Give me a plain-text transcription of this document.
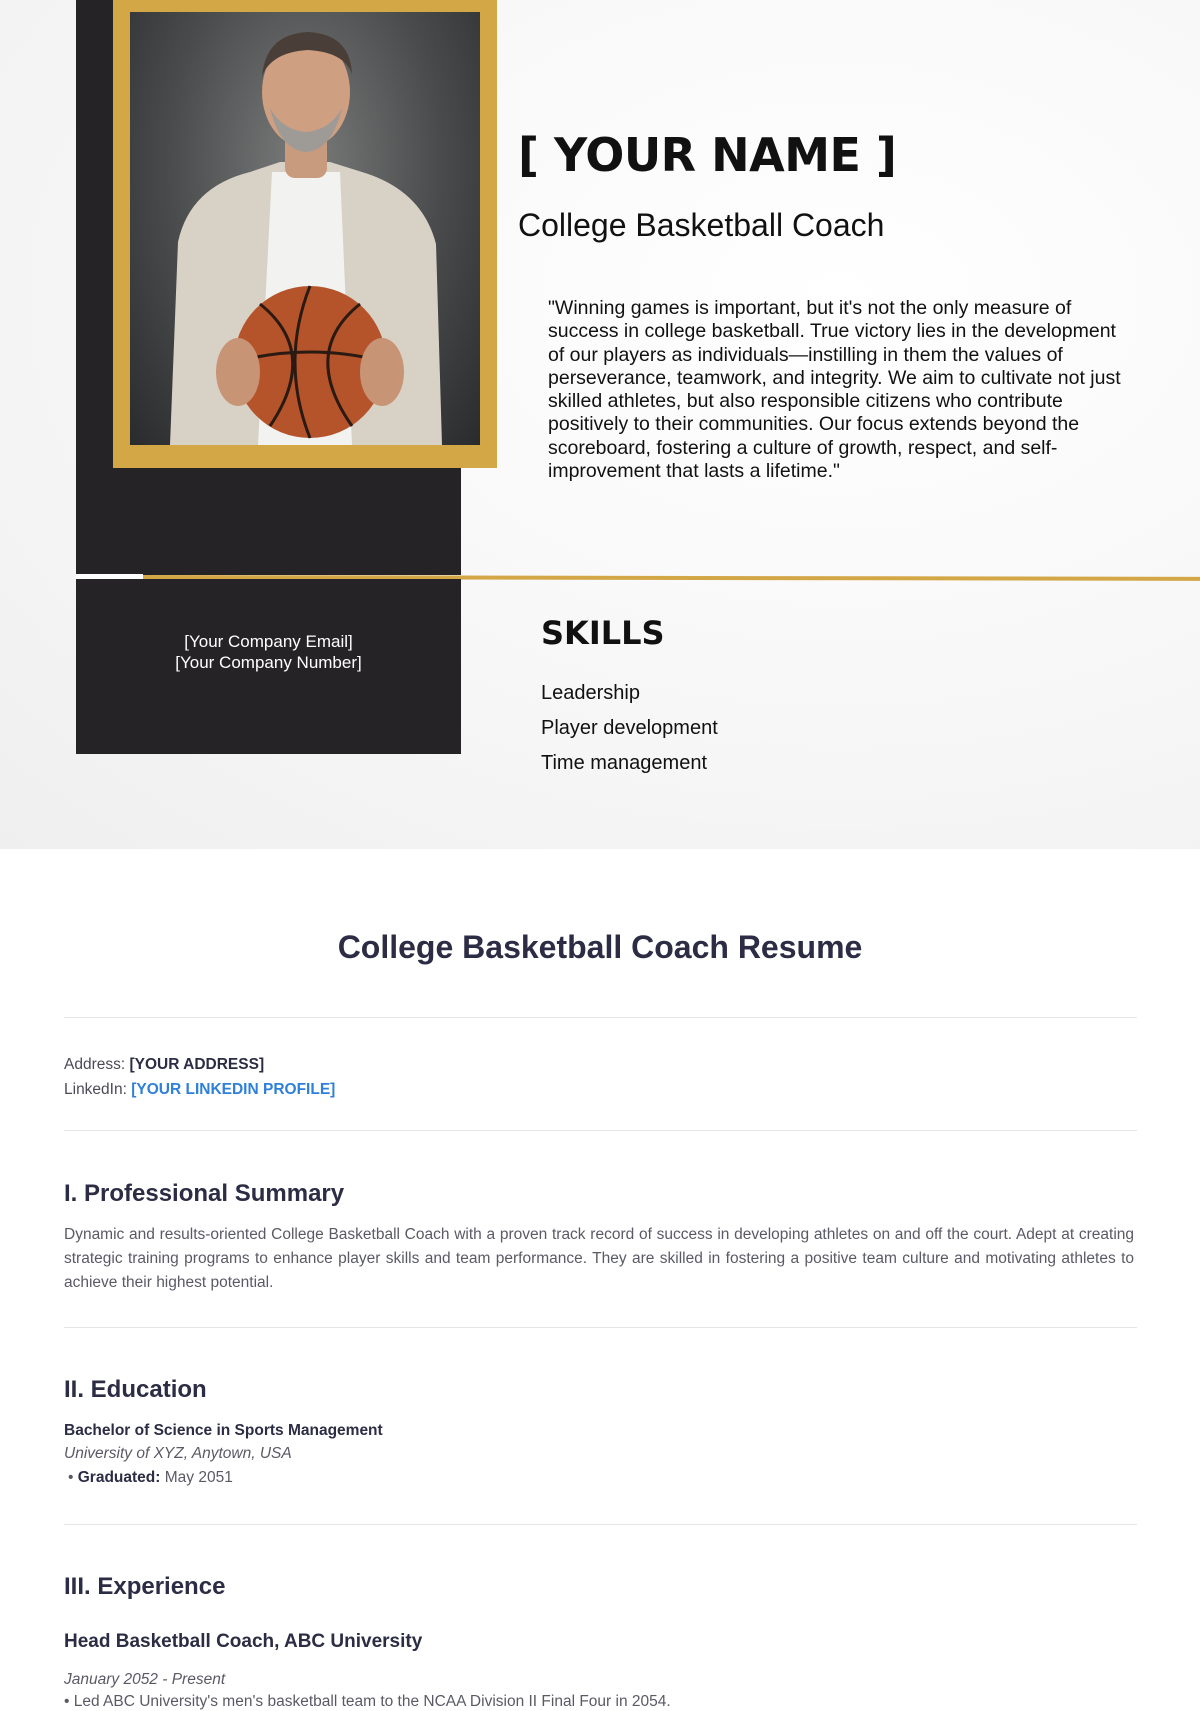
[Your Company Email]
[Your Company Number]
[ YOUR NAME ]
College Basketball Coach
"Winning games is important, but it's not the only measure of success in college basketball. True victory lies in the development of our players as individuals—instilling in them the values of perseverance, teamwork, and integrity. We aim to cultivate not just skilled athletes, but also responsible citizens who contribute positively to their communities. Our focus extends beyond the scoreboard, fostering a culture of growth, respect, and self-improvement that lasts a lifetime."
SKILLS
Leadership
Player development
Time management
College Basketball Coach Resume
Address: [YOUR ADDRESS]
LinkedIn: [YOUR LINKEDIN PROFILE]
I. Professional Summary
Dynamic and results-oriented College Basketball Coach with a proven track record of success in developing athletes on and off the court. Adept at creating strategic training programs to enhance player skills and team performance. They are skilled in fostering a positive team culture and motivating athletes to achieve their highest potential.
II. Education
Bachelor of Science in Sports Management
University of XYZ, Anytown, USA
• Graduated: May 2051
III. Experience
Head Basketball Coach, ABC University
January 2052 - Present
• Led ABC University's men's basketball team to the NCAA Division II Final Four in 2054.
